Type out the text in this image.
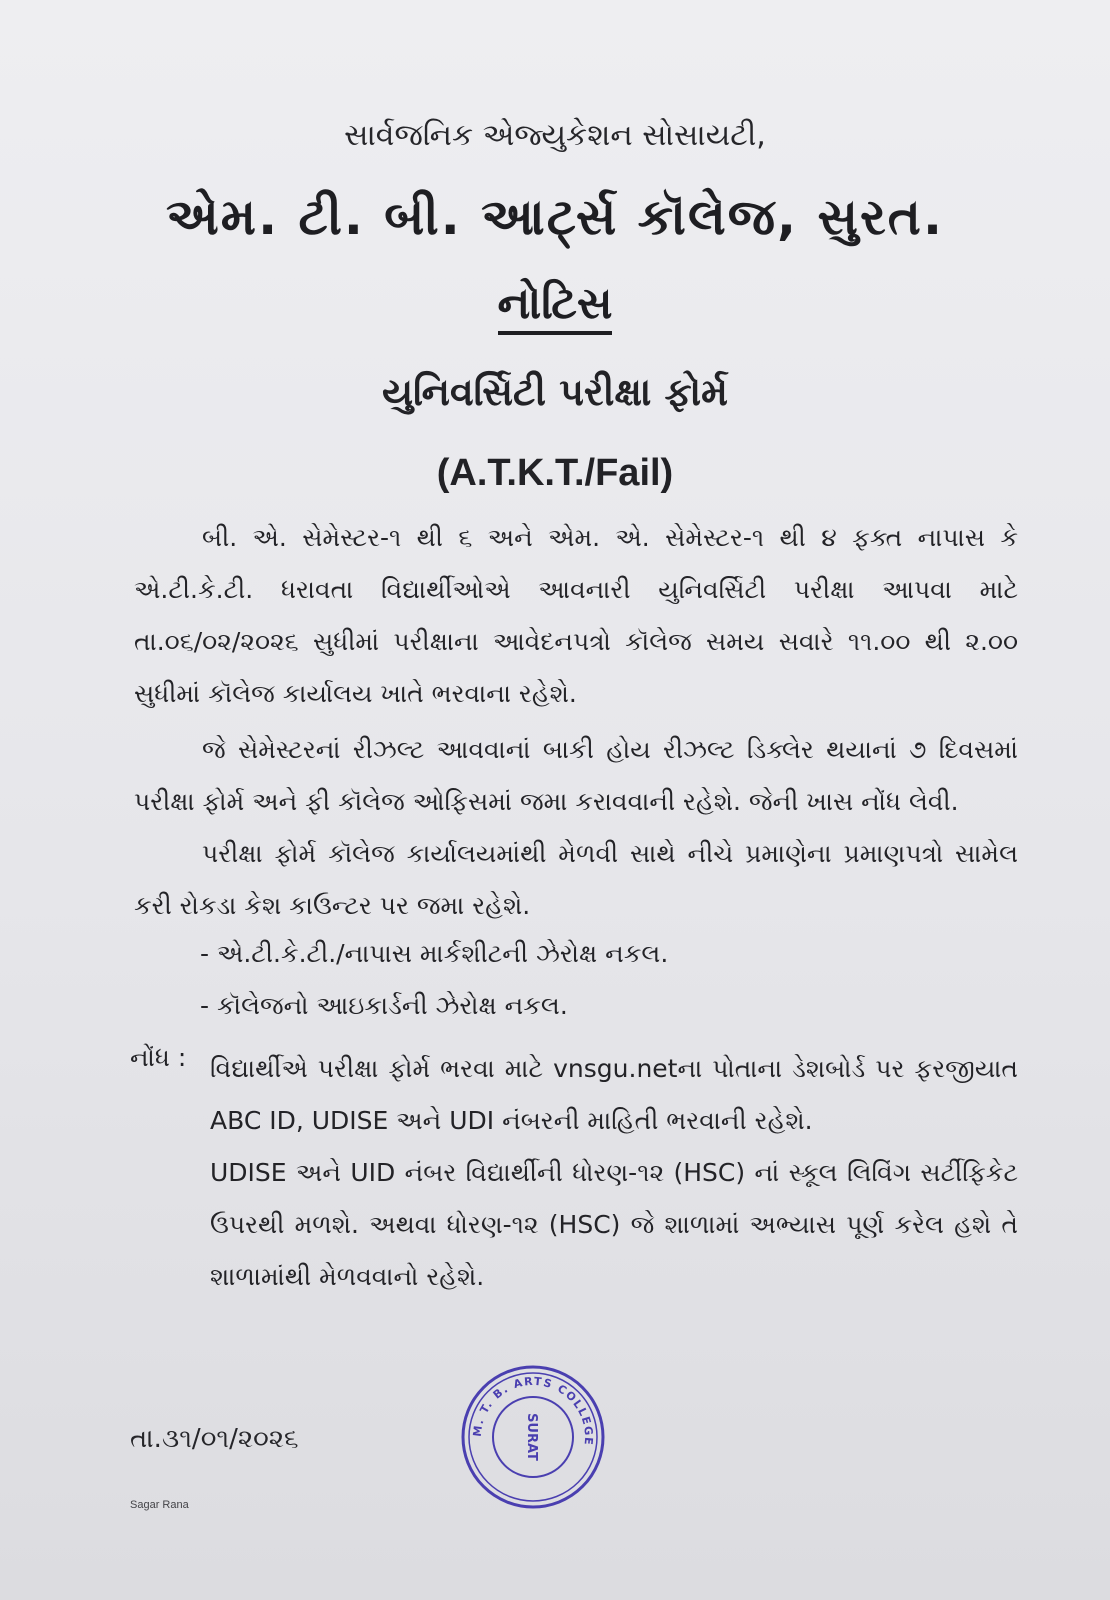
સાર્વજનિક એજ્યુકેશન સોસાયટી,
એમ. ટી. બી. આર્ટ્સ કૉલેજ, સુરત.
નોટિસ
યુનિવર્સિટી પરીક્ષા ફોર્મ
(A.T.K.T./Fail)
બી. એ. સેમેસ્ટર-૧ થી ૬ અને એમ. એ. સેમેસ્ટર-૧ થી ૪ ફક્ત નાપાસ કે એ.ટી.કે.ટી. ધરાવતા વિદ્યાર્થીઓએ આવનારી યુનિવર્સિટી પરીક્ષા આપવા માટે તા.૦૬/૦૨/૨૦૨૬ સુધીમાં પરીક્ષાના આવેદનપત્રો કૉલેજ સમય સવારે ૧૧.૦૦ થી ૨.૦૦ સુધીમાં કૉલેજ કાર્યાલય ખાતે ભરવાના રહેશે.
જે સેમેસ્ટરનાં રીઝલ્ટ આવવાનાં બાકી હોય રીઝલ્ટ ડિક્લેર થયાનાં ૭ દિવસમાં પરીક્ષા ફોર્મ અને ફી કૉલેજ ઓફિસમાં જમા કરાવવાની રહેશે. જેની ખાસ નોંધ લેવી.
પરીક્ષા ફોર્મ કૉલેજ કાર્યાલયમાંથી મેળવી સાથે નીચે પ્રમાણેના પ્રમાણપત્રો સામેલ કરી રોકડા કેશ કાઉન્ટર પર જમા રહેશે.
- એ.ટી.કે.ટી./નાપાસ માર્કશીટની ઝેરોક્ષ નકલ.
- કૉલેજનો આઇકાર્ડની ઝેરોક્ષ નકલ.
નોંધ : વિદ્યાર્થીએ પરીક્ષા ફોર્મ ભરવા માટે vnsgu.netના પોતાના ડેશબોર્ડ પર ફરજીયાત ABC ID, UDISE અને UDI નંબરની માહિતી ભરવાની રહેશે.
UDISE અને UID નંબર વિદ્યાર્થીની ધોરણ-૧૨ (HSC) નાં સ્કૂલ લિવિંગ સર્ટીફિકેટ ઉપરથી મળશે. અથવા ધોરણ-૧૨ (HSC) જે શાળામાં અભ્યાસ પૂર્ણ કરેલ હશે તે શાળામાંથી મેળવવાનો રહેશે.
તા.૩૧/૦૧/૨૦૨૬
Sagar Rana
M. T. B. ARTS COLLEGE
SURAT
